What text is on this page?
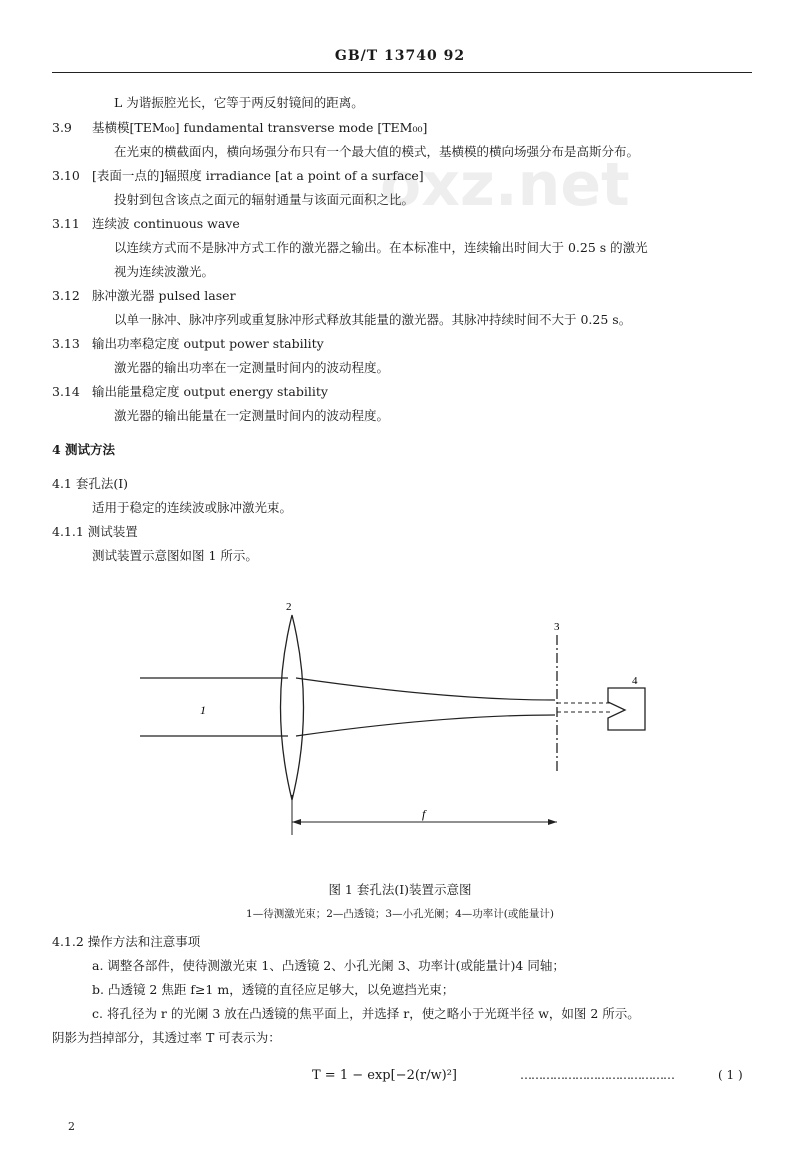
oxz.net
GB/T 13740 92
L 为谐振腔光长，它等于两反射镜间的距离。
3.9 基横模[TEM₀₀] fundamental transverse mode [TEM₀₀]
在光束的横截面内，横向场强分布只有一个最大值的模式，基横模的横向场强分布是高斯分布。
3.10 [表面一点的]辐照度 irradiance [at a point of a surface]
投射到包含该点之面元的辐射通量与该面元面积之比。
3.11 连续波 continuous wave
以连续方式而不是脉冲方式工作的激光器之输出。在本标准中，连续输出时间大于 0.25 s 的激光
视为连续波激光。
3.12 脉冲激光器 pulsed laser
以单一脉冲、脉冲序列或重复脉冲形式释放其能量的激光器。其脉冲持续时间不大于 0.25 s。
3.13 输出功率稳定度 output power stability
激光器的输出功率在一定测量时间内的波动程度。
3.14 输出能量稳定度 output energy stability
激光器的输出能量在一定测量时间内的波动程度。
4 测试方法
4.1 套孔法(Ⅰ)
适用于稳定的连续波或脉冲激光束。
4.1.1 测试装置
测试装置示意图如图 1 所示。
1
2
3
4
f
图 1 套孔法(Ⅰ)装置示意图
1—待测激光束；2—凸透镜；3—小孔光阑；4—功率计(或能量计)
4.1.2 操作方法和注意事项
a. 调整各部件，使待测激光束 1、凸透镜 2、小孔光阑 3、功率计(或能量计)4 同轴；
b. 凸透镜 2 焦距 f≥1 m，透镜的直径应足够大，以免遮挡光束；
c. 将孔径为 r 的光阑 3 放在凸透镜的焦平面上，并选择 r，使之略小于光斑半径 w，如图 2 所示。
阴影为挡掉部分，其透过率 T 可表示为：
T = 1 − exp[−2(r/w)²]	……………………………………	( 1 )
2
